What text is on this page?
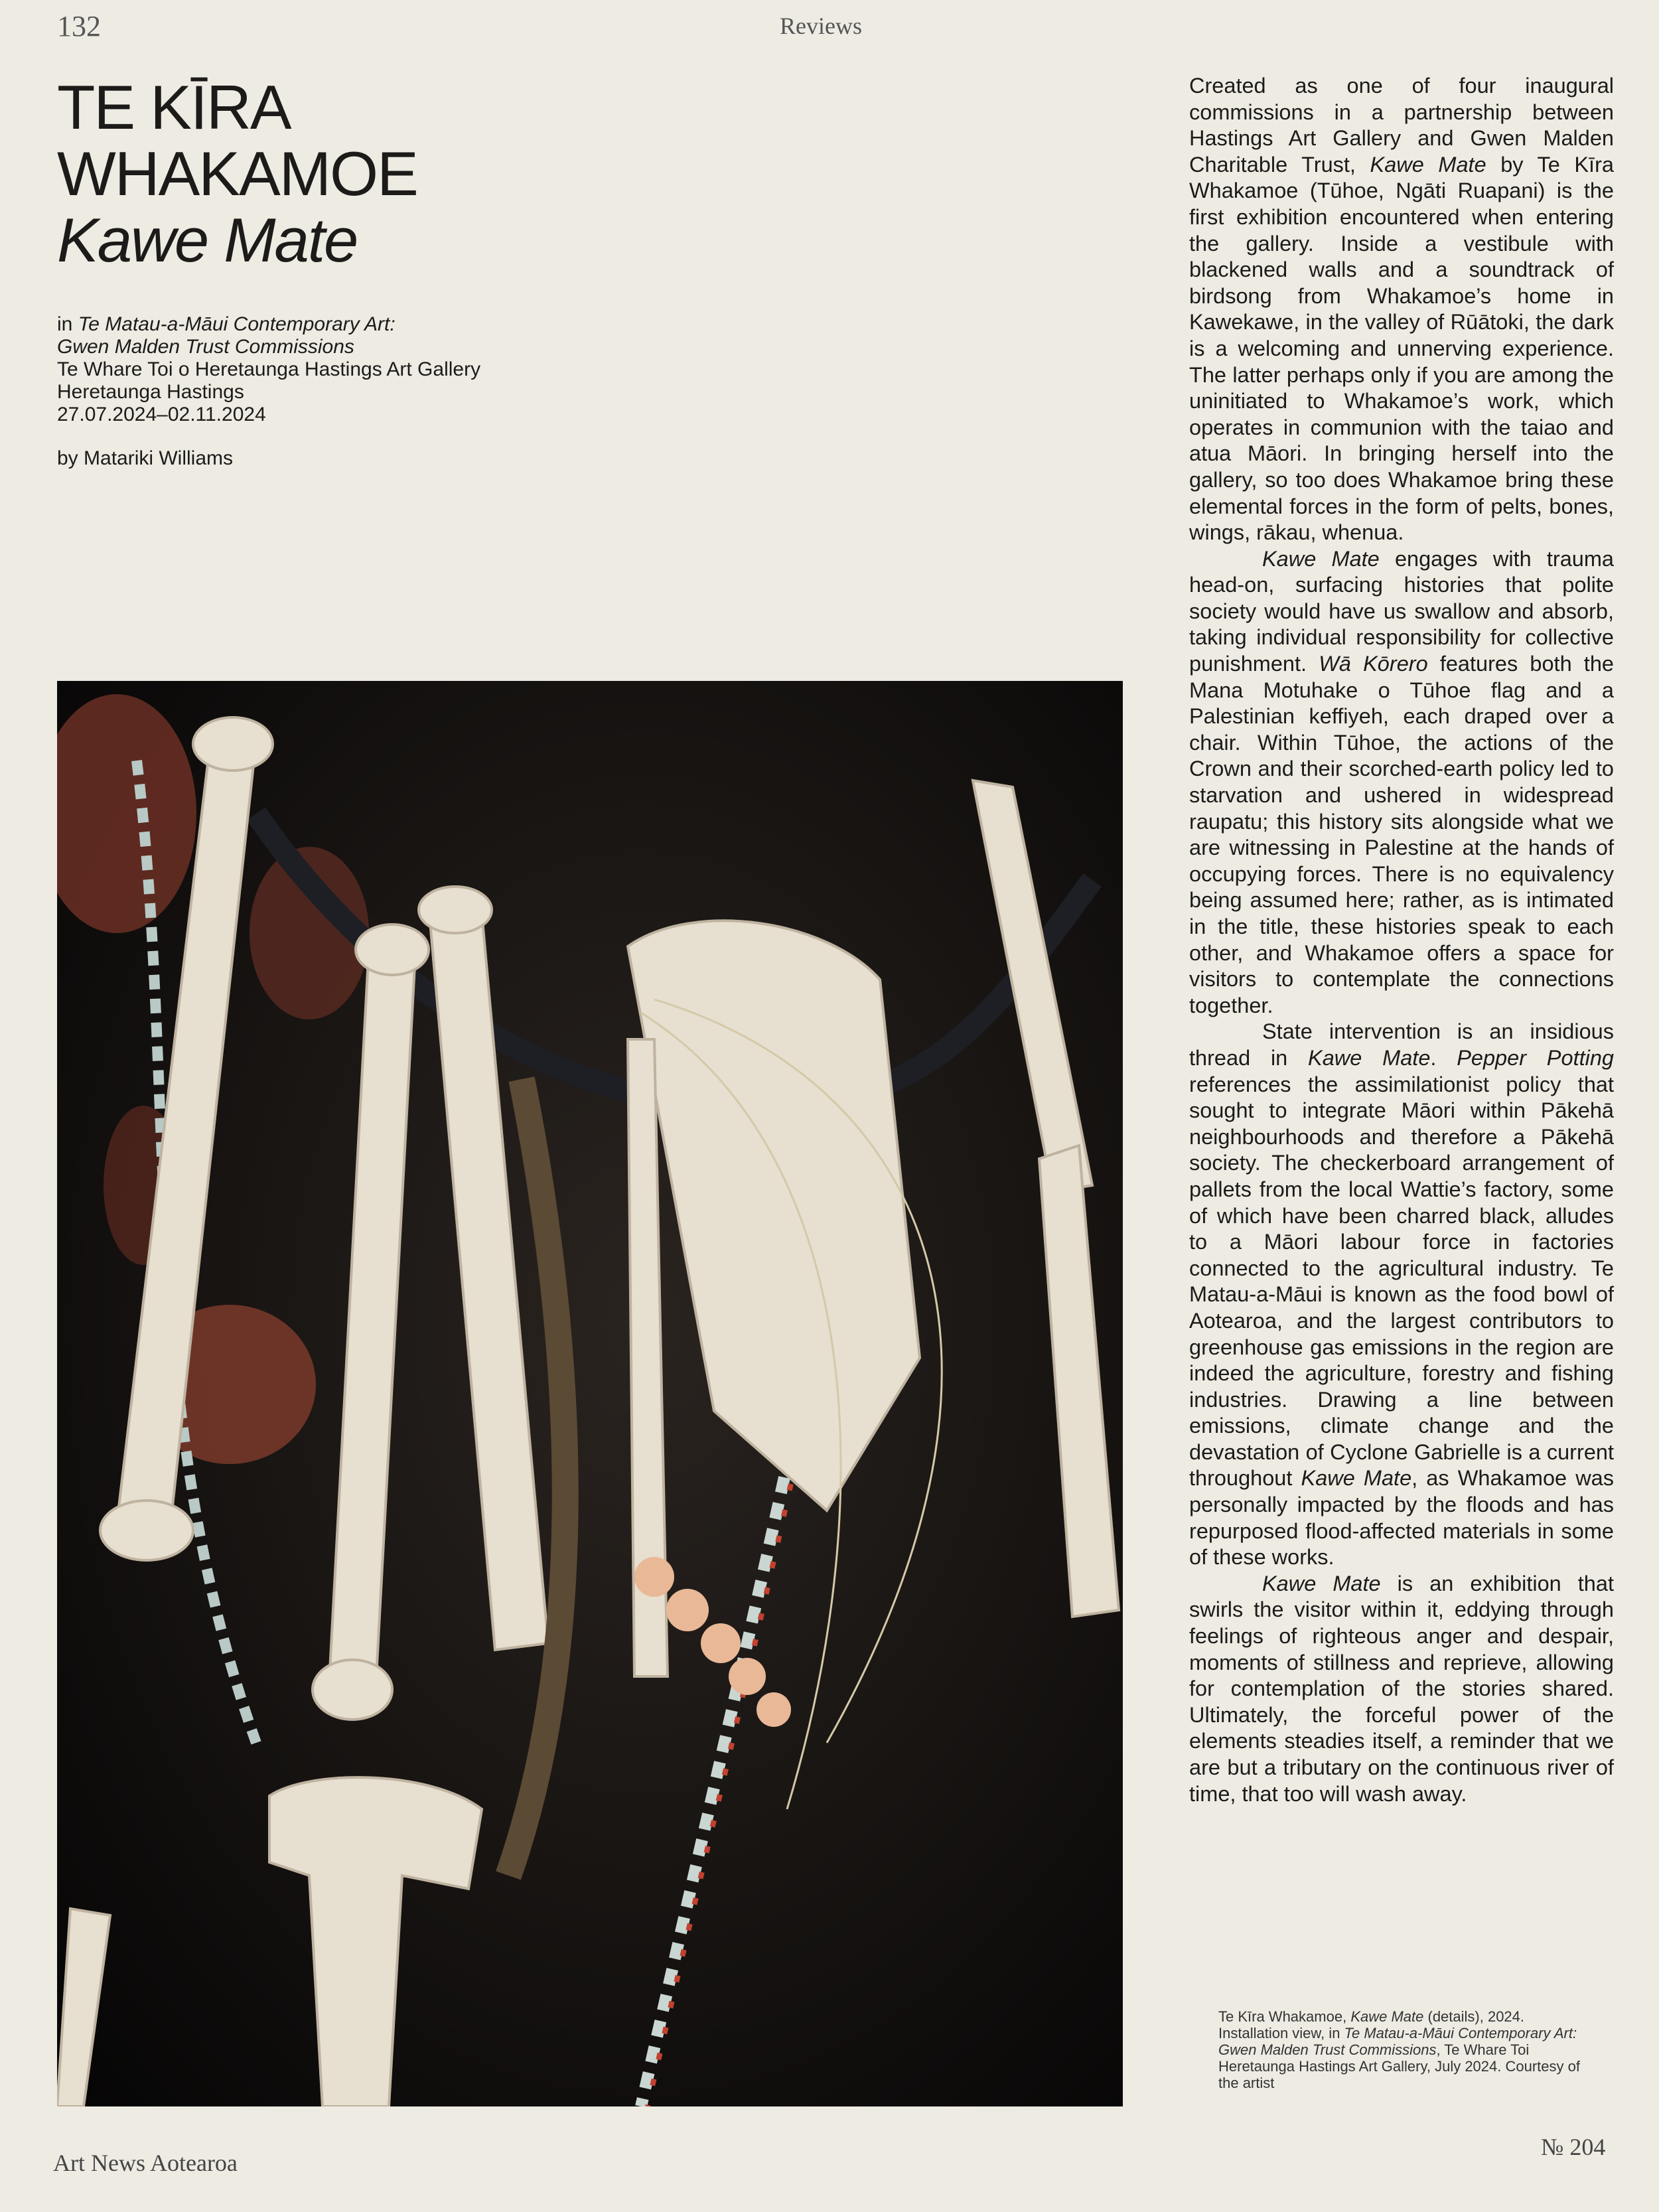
132	Reviews
TE KĪRA
WHAKAMOE
Kawe Mate
in Te Matau-a-Māui Contemporary Art:
Gwen Malden Trust Commissions
Te Whare Toi o Heretaunga Hastings Art Gallery
Heretaunga Hastings
27.07.2024–02.11.2024
by Matariki Williams

Created as one of four inaugural commissions in a partnership between Hastings Art Gallery and Gwen Malden Charitable Trust, Kawe Mate by Te Kīra Whakamoe (Tūhoe, Ngāti Ruapani) is the first exhibition encountered when entering the gallery. Inside a vestibule with blackened walls and a soundtrack of birdsong from Whakamoe’s home in Kawekawe, in the valley of Rūātoki, the dark is a welcoming and unnerving experience. The latter perhaps only if you are among the uninitiated to Whakamoe’s work, which operates in communion with the taiao and atua Māori. In bringing herself into the gallery, so too does Whakamoe bring these elemental forces in the form of pelts, bones, wings, rākau, whenua.

Kawe Mate engages with trauma head-on, surfacing histories that polite society would have us swallow and absorb, taking individual responsibility for collective punishment. Wā Kōrero features both the Mana Motuhake o Tūhoe flag and a Palestinian keffiyeh, each draped over a chair. Within Tūhoe, the actions of the Crown and their scorched-earth policy led to starvation and ushered in widespread raupatu; this history sits alongside what we are witnessing in Palestine at the hands of occupying forces. There is no equivalency being assumed here; rather, as is intimated in the title, these histories speak to each other, and Whakamoe offers a space for visitors to contemplate the connections together.

State intervention is an insidious thread in Kawe Mate. Pepper Potting references the assimilationist policy that sought to integrate Māori within Pākehā neighbourhoods and therefore a Pākehā society. The checkerboard arrangement of pallets from the local Wattie’s factory, some of which have been charred black, alludes to a Māori labour force in factories connected to the agricultural industry. Te Matau-a-Māui is known as the food bowl of Aotearoa, and the largest contributors to greenhouse gas emissions in the region are indeed the agriculture, forestry and fishing industries. Drawing a line between emissions, climate change and the devastation of Cyclone Gabrielle is a current throughout Kawe Mate, as Whakamoe was personally impacted by the floods and has repurposed flood-affected materials in some of these works.

Kawe Mate is an exhibition that swirls the visitor within it, eddying through feelings of righteous anger and despair, moments of stillness and reprieve, allowing for contemplation of the stories shared. Ultimately, the forceful power of the elements steadies itself, a reminder that we are but a tributary on the continuous river of time, that too will wash away.

Te Kīra Whakamoe, Kawe Mate (details), 2024. Installation view, in Te Matau-a-Māui Contemporary Art: Gwen Malden Trust Commissions, Te Whare Toi Heretaunga Hastings Art Gallery, July 2024. Courtesy of the artist
Art News Aotearoa
№ 204
